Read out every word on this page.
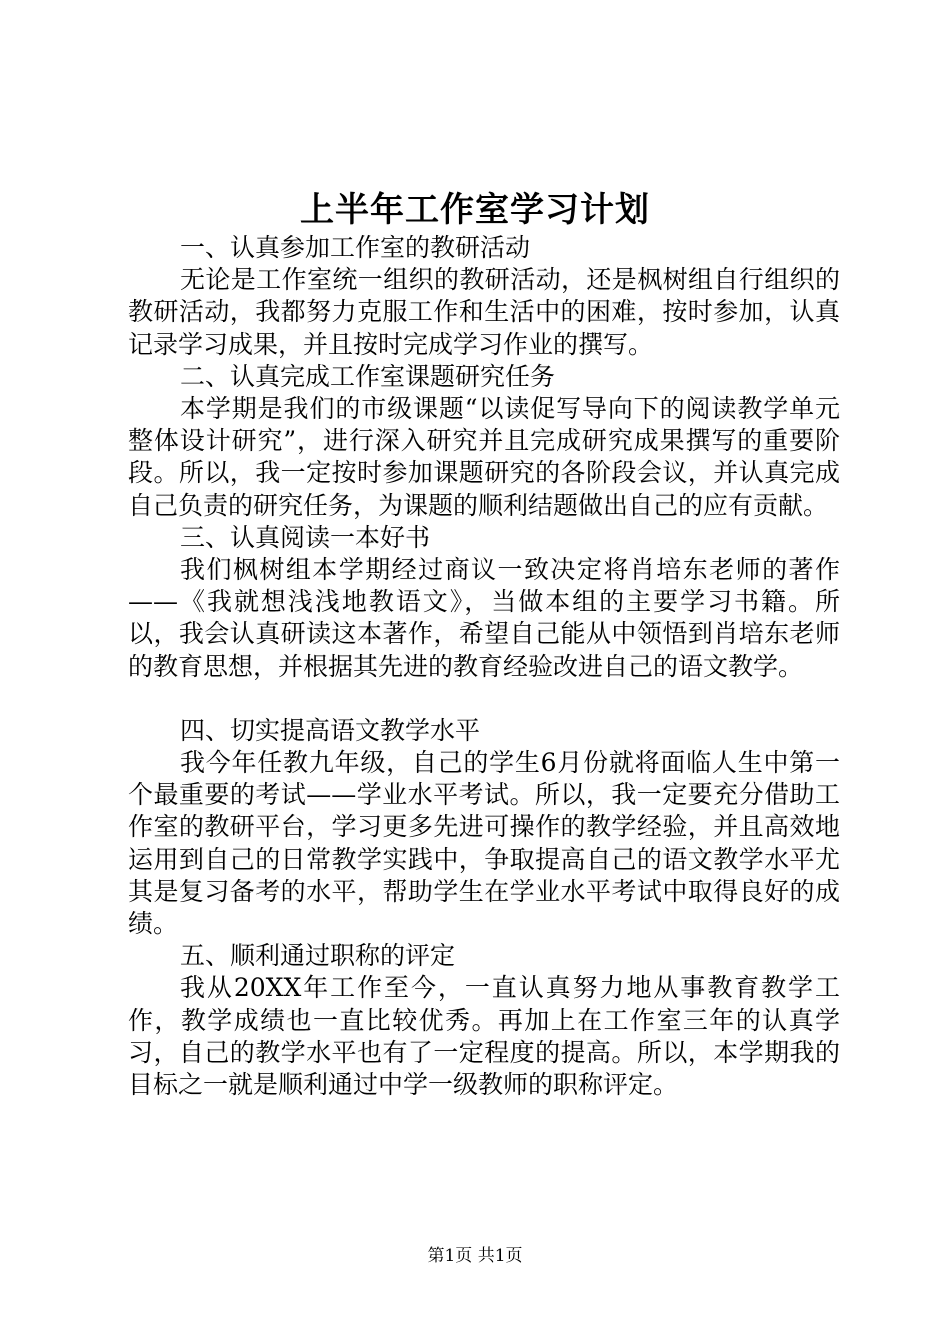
上半年工作室学习计划

一、认真参加工作室的教研活动

无论是工作室统一组织的教研活动，还是枫树组自行组织的教研活动，我都努力克服工作和生活中的困难，按时参加，认真记录学习成果，并且按时完成学习作业的撰写。

二、认真完成工作室课题研究任务

本学期是我们的市级课题“以读促写导向下的阅读教学单元整体设计研究”，进行深入研究并且完成研究成果撰写的重要阶段。所以，我一定按时参加课题研究的各阶段会议，并认真完成自己负责的研究任务，为课题的顺利结题做出自己的应有贡献。

三、认真阅读一本好书

我们枫树组本学期经过商议一致决定将肖培东老师的著作——《我就想浅浅地教语文》，当做本组的主要学习书籍。所以，我会认真研读这本著作，希望自己能从中领悟到肖培东老师的教育思想，并根据其先进的教育经验改进自己的语文教学。

四、切实提高语文教学水平

我今年任教九年级，自己的学生6月份就将面临人生中第一个最重要的考试——学业水平考试。所以，我一定要充分借助工作室的教研平台，学习更多先进可操作的教学经验，并且高效地运用到自己的日常教学实践中，争取提高自己的语文教学水平尤其是复习备考的水平，帮助学生在学业水平考试中取得良好的成绩。

五、顺利通过职称的评定

我从20XX年工作至今，一直认真努力地从事教育教学工作，教学成绩也一直比较优秀。再加上在工作室三年的认真学习，自己的教学水平也有了一定程度的提高。所以，本学期我的目标之一就是顺利通过中学一级教师的职称评定。

第1页 共1页
